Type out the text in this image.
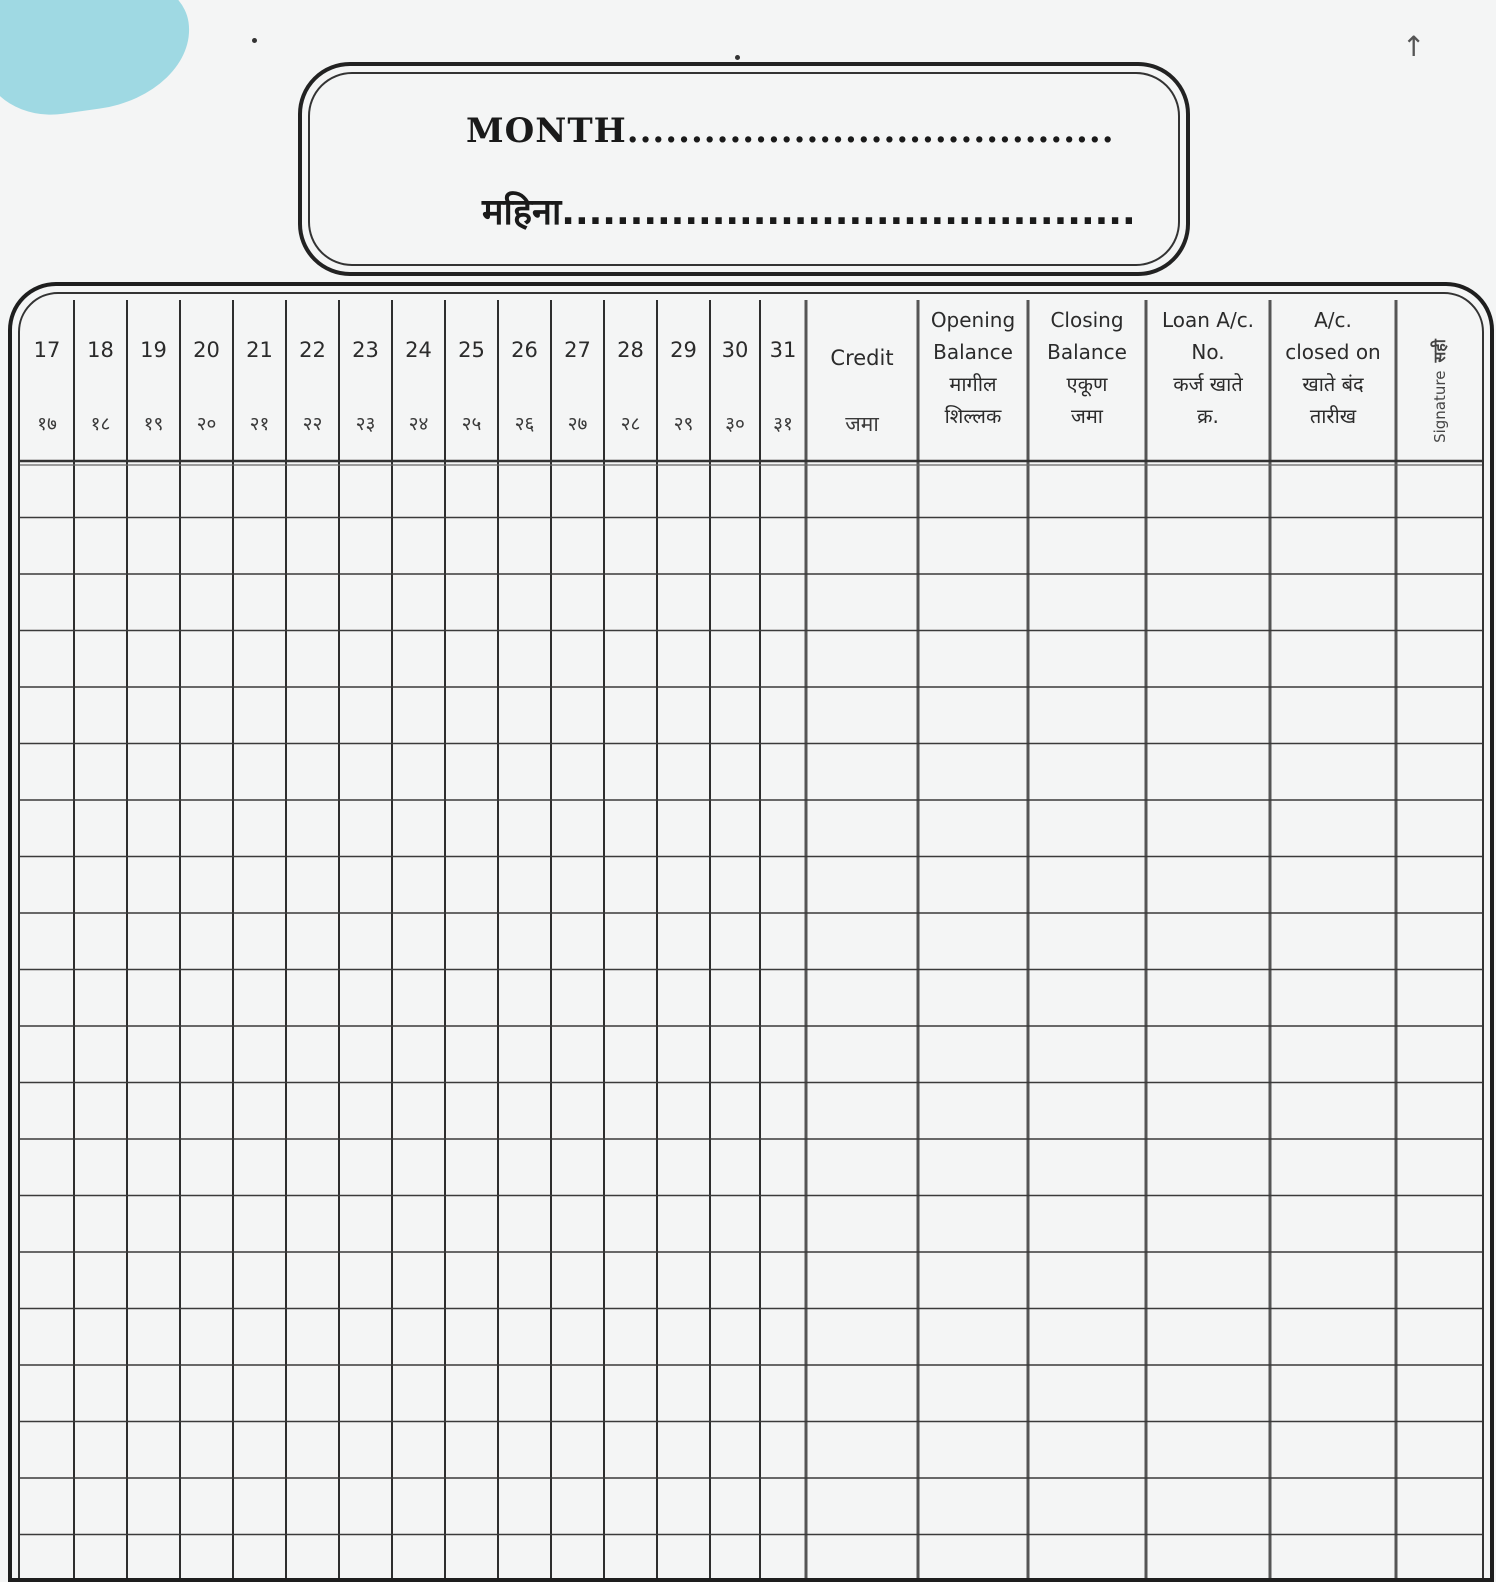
↑
MONTH......................................
महिना..........................................
17
१७
18
१८
19
१९
20
२०
21
२१
22
२२
23
२३
24
२४
25
२५
26
२६
27
२७
28
२८
29
२९
30
३०
31
३१
Credit
जमा
Opening
Balance
मागील
शिल्लक
Closing
Balance
एकूण
जमा
Loan A/c.
No.
कर्ज खाते
क्र.
A/c.
closed on
खाते बंद
तारीख	Signatureसही
